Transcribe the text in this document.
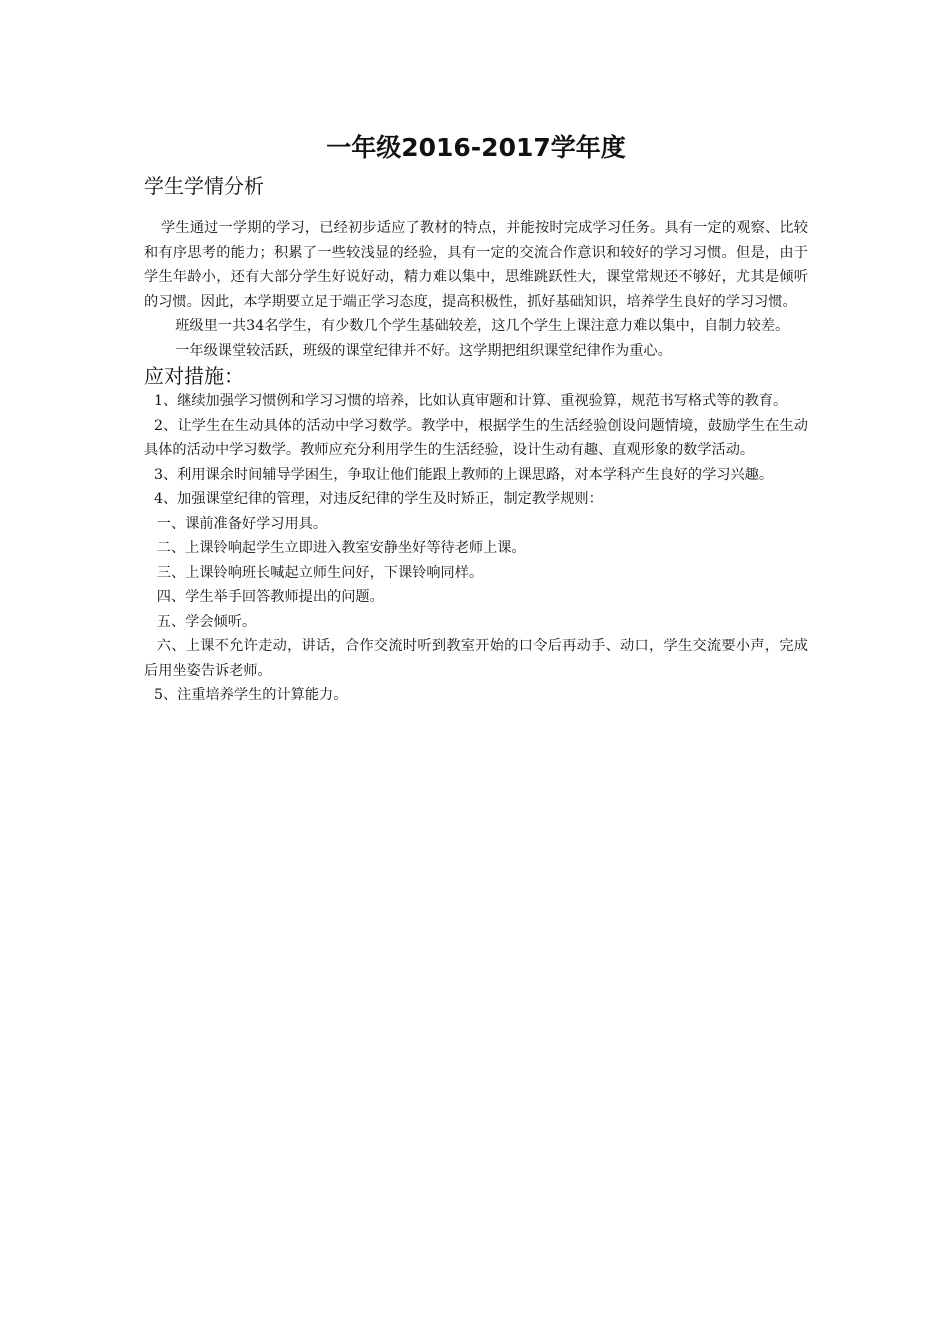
一年级2016-2017学年度
学生学情分析

学生通过一学期的学习，已经初步适应了教材的特点，并能按时完成学习任务。具有一定的观察、比较和有序思考的能力；积累了一些较浅显的经验，具有一定的交流合作意识和较好的学习习惯。但是，由于学生年龄小，还有大部分学生好说好动，精力难以集中，思维跳跃性大，课堂常规还不够好，尤其是倾听的习惯。因此，本学期要立足于端正学习态度，提高积极性，抓好基础知识，培养学生良好的学习习惯。

班级里一共34名学生，有少数几个学生基础较差，这几个学生上课注意力难以集中，自制力较差。

一年级课堂较活跃，班级的课堂纪律并不好。这学期把组织课堂纪律作为重心。

应对措施：

1、继续加强学习惯例和学习习惯的培养，比如认真审题和计算、重视验算，规范书写格式等的教育。

2、让学生在生动具体的活动中学习数学。教学中，根据学生的生活经验创设问题情境，鼓励学生在生动具体的活动中学习数学。教师应充分利用学生的生活经验，设计生动有趣、直观形象的数学活动。

3、利用课余时间辅导学困生，争取让他们能跟上教师的上课思路，对本学科产生良好的学习兴趣。

4、加强课堂纪律的管理，对违反纪律的学生及时矫正，制定教学规则：

一、课前准备好学习用具。

二、上课铃响起学生立即进入教室安静坐好等待老师上课。

三、上课铃响班长喊起立师生问好，下课铃响同样。

四、学生举手回答教师提出的问题。

五、学会倾听。

六、上课不允许走动，讲话，合作交流时听到教室开始的口令后再动手、动口，学生交流要小声，完成后用坐姿告诉老师。

5、注重培养学生的计算能力。
